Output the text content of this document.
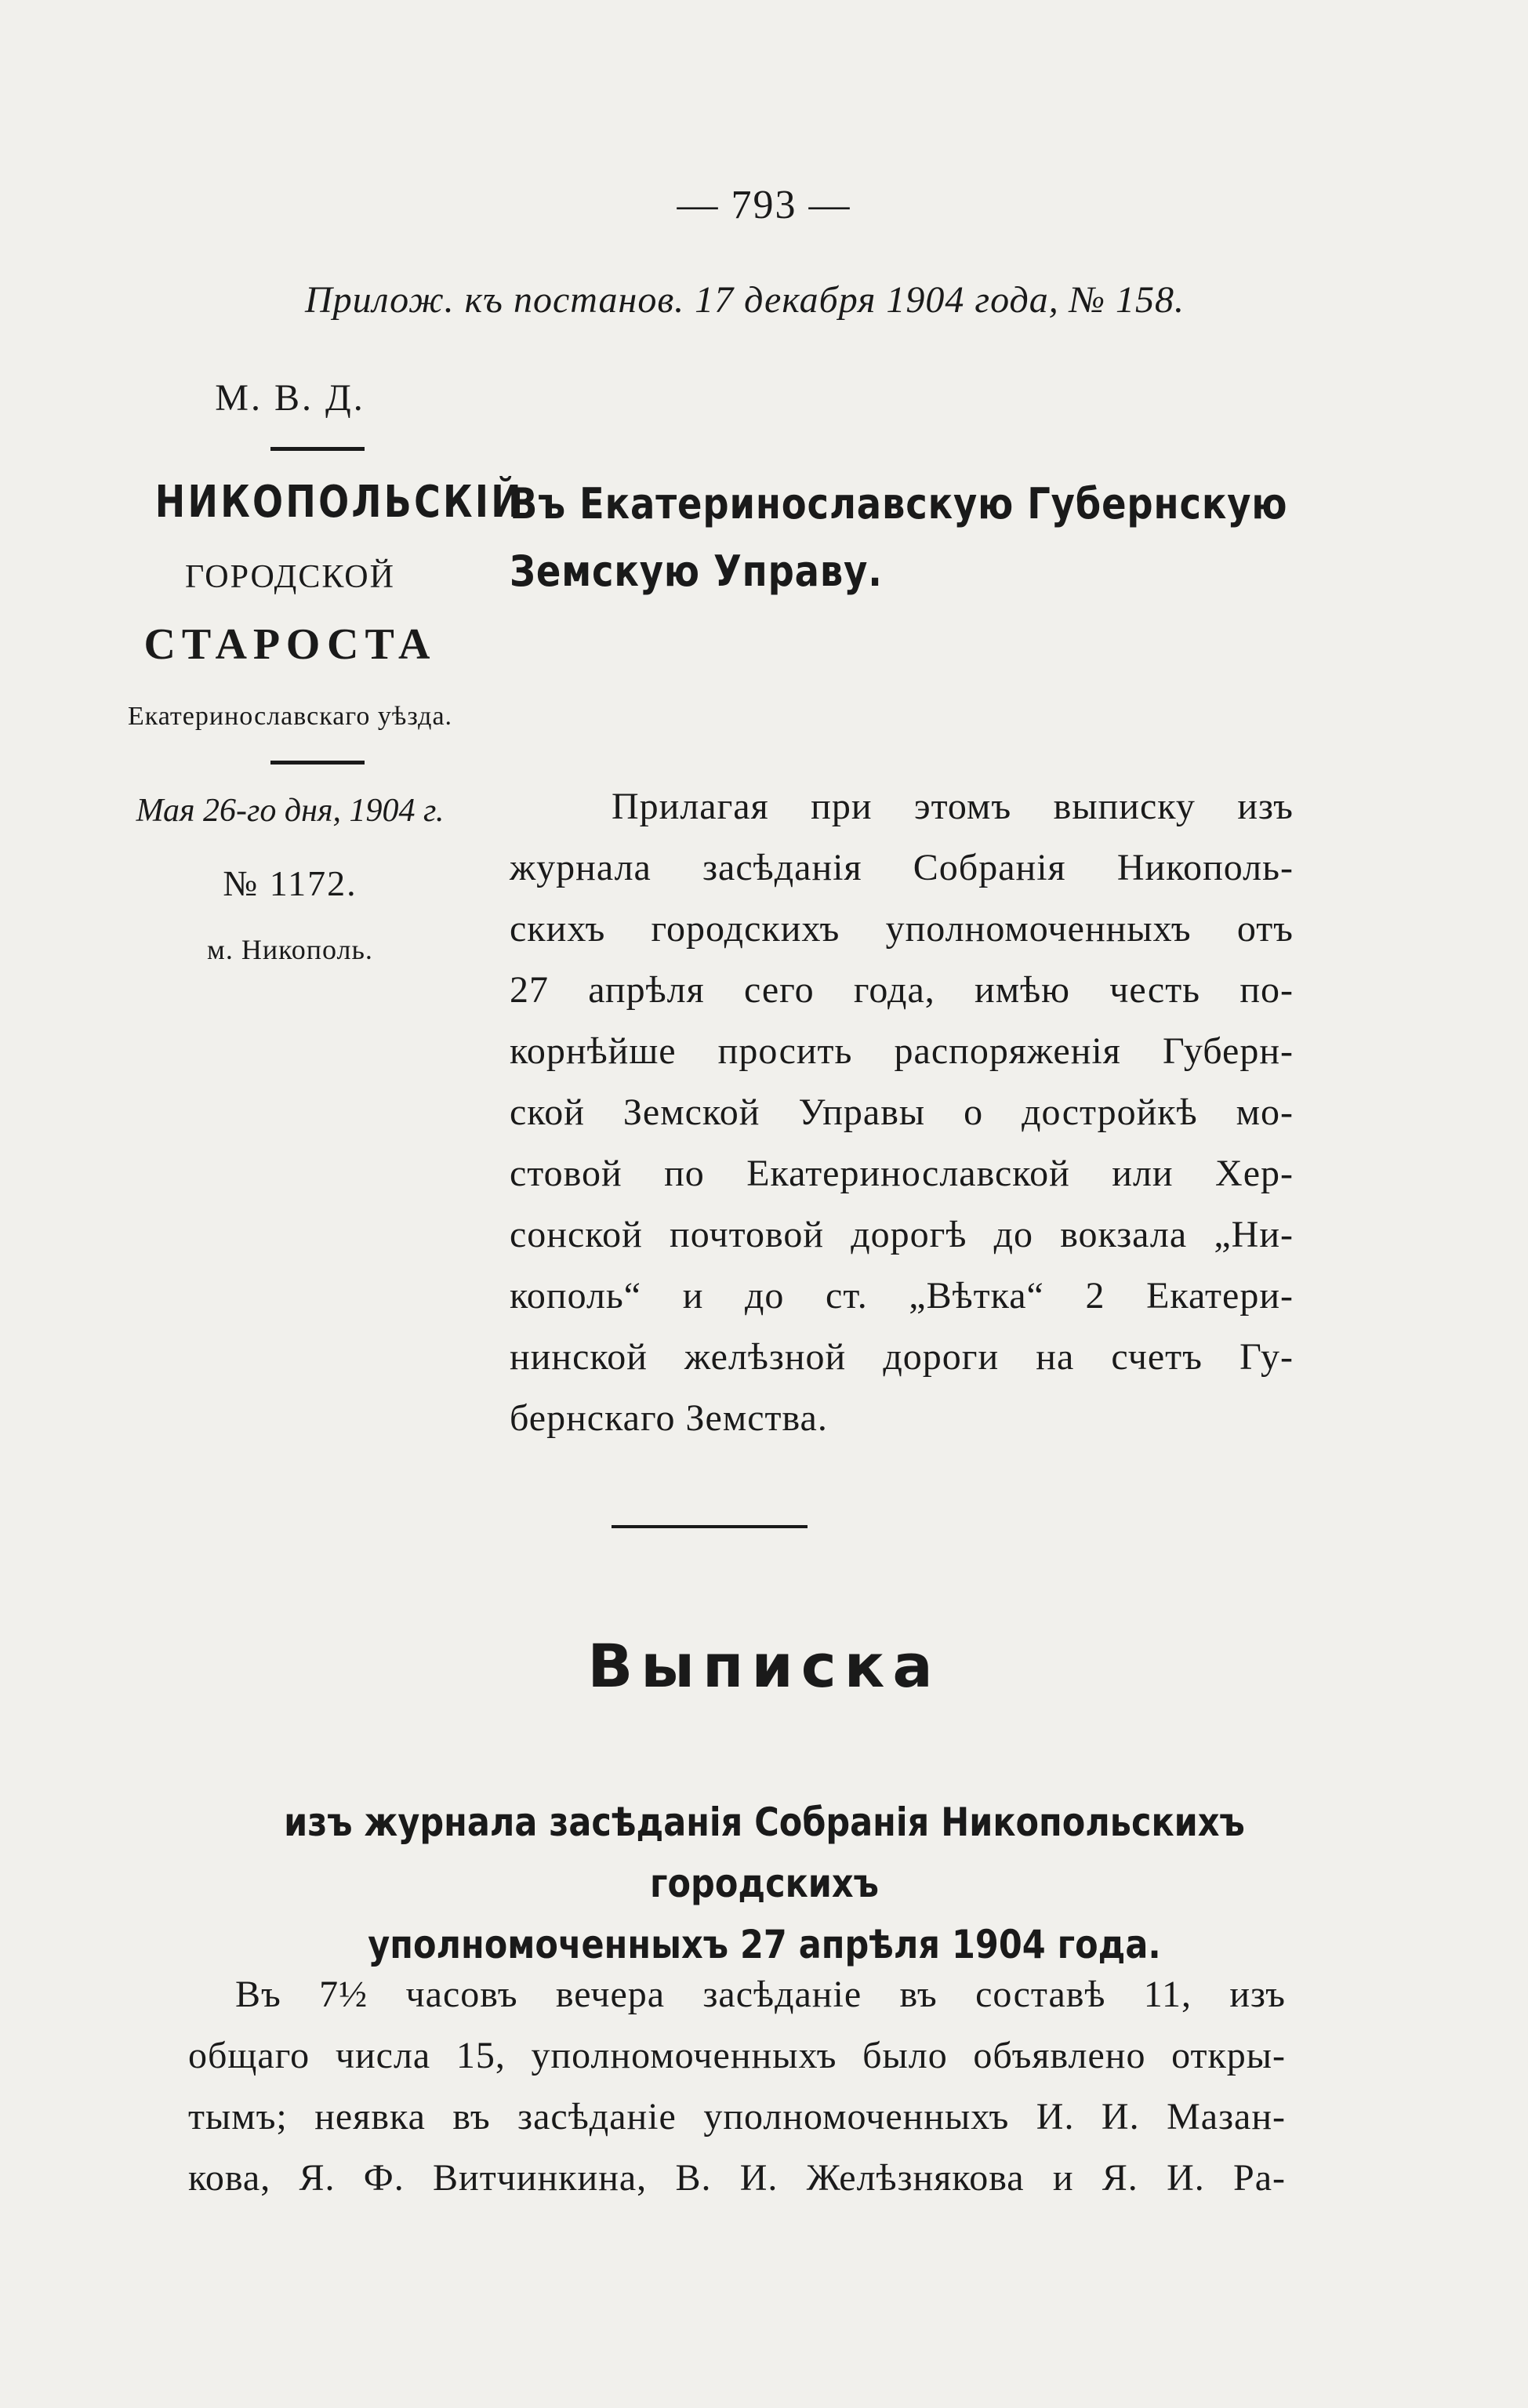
— 793 —
Прилож. къ постанов. 17 декабря 1904 года, № 158.
М. В. Д.
НИКОПОЛЬСКІЙ
ГОРОДСКОЙ
СТАРОСТА
Екатеринославскаго уѣзда.
Мая 26-го дня, 1904 г.
№ 1172.
м. Никополь.
Въ Екатеринославскую Губернскую
Земскую Управу.
Прилагая при этомъ выписку изъ
журнала засѣданія Собранія Никополь-
скихъ городскихъ уполномоченныхъ отъ
27 апрѣля сего года, имѣю честь по-
корнѣйше просить распоряженія Губерн-
ской Земской Управы о достройкѣ мо-
стовой по Екатеринославской или Хер-
сонской почтовой дорогѣ до вокзала „Ни-
кополь“ и до ст. „Вѣтка“ 2 Екатери-
нинской желѣзной дороги на счетъ Гу-
бернскаго Земства.
Выписка
изъ журнала засѣданія Собранія Никопольскихъ городскихъ
уполномоченныхъ 27 апрѣля 1904 года.
Въ 7½ часовъ вечера засѣданіе въ составѣ 11, изъ
общаго числа 15, уполномоченныхъ было объявлено откры-
тымъ; неявка въ засѣданіе уполномоченныхъ И. И. Мазан-
кова, Я. Ф. Витчинкина, В. И. Желѣзнякова и Я. И. Ра-
